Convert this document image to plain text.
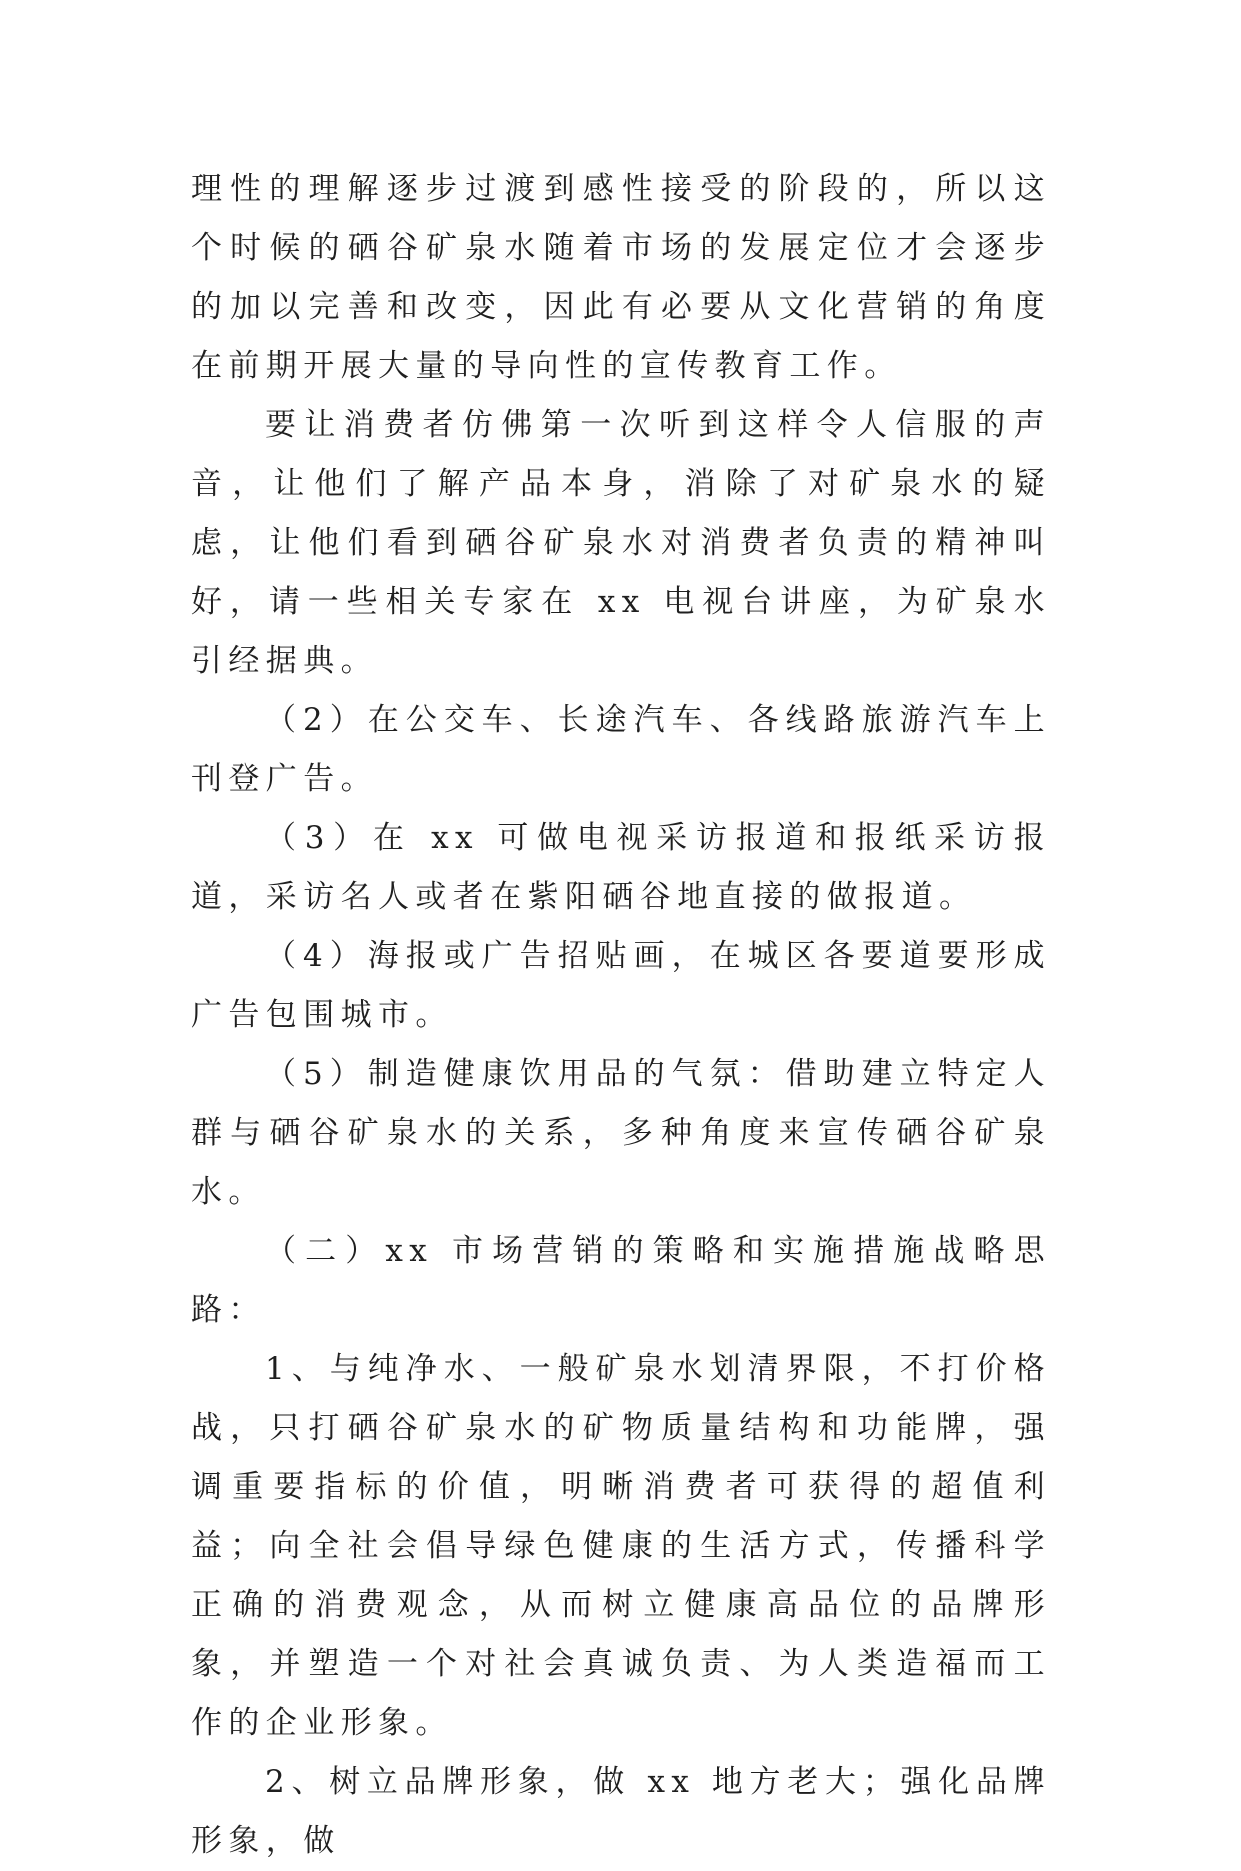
理性的理解逐步过渡到感性接受的阶段的，所以这个时候的硒谷矿泉水随着市场的发展定位才会逐步的加以完善和改变，因此有必要从文化营销的角度在前期开展大量的导向性的宣传教育工作。

要让消费者仿佛第一次听到这样令人信服的声音，让他们了解产品本身，消除了对矿泉水的疑虑，让他们看到硒谷矿泉水对消费者负责的精神叫好，请一些相关专家在 xx 电视台讲座，为矿泉水引经据典。

（2）在公交车、长途汽车、各线路旅游汽车上刊登广告。

（3）在 xx 可做电视采访报道和报纸采访报道，采访名人或者在紫阳硒谷地直接的做报道。

（4）海报或广告招贴画，在城区各要道要形成广告包围城市。

（5）制造健康饮用品的气氛：借助建立特定人群与硒谷矿泉水的关系，多种角度来宣传硒谷矿泉水。

（二）xx 市场营销的策略和实施措施战略思路：

1、与纯净水、一般矿泉水划清界限，不打价格战，只打硒谷矿泉水的矿物质量结构和功能牌，强调重要指标的价值，明晰消费者可获得的超值利益；向全社会倡导绿色健康的生活方式，传播科学正确的消费观念，从而树立健康高品位的品牌形象，并塑造一个对社会真诚负责、为人类造福而工作的企业形象。

2、树立品牌形象，做 xx 地方老大；强化品牌形象，做
